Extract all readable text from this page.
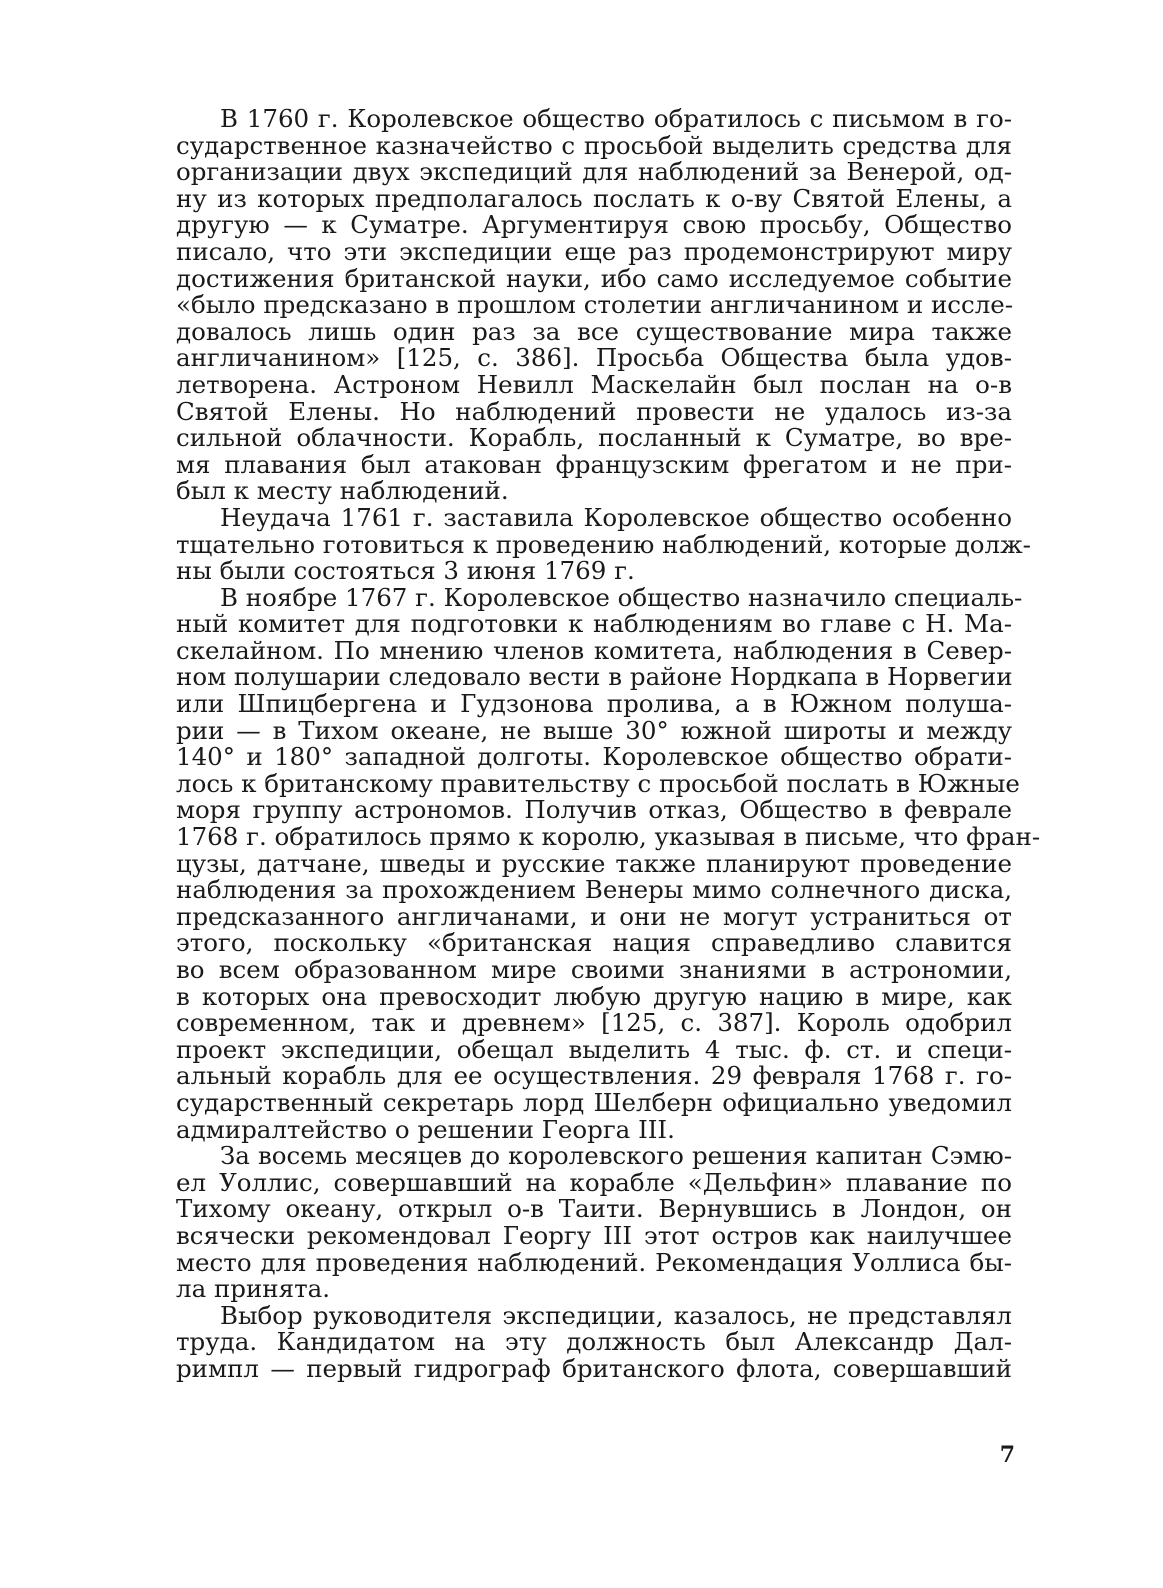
В 1760 г. Королевское общество обратилось с письмом в го-
сударственное казначейство с просьбой выделить средства для
организации двух экспедиций для наблюдений за Венерой, од-
ну из которых предполагалось послать к о-ву Святой Елены, а
другую — к Суматре. Аргументируя свою просьбу, Общество
писало, что эти экспедиции еще раз продемонстрируют миру
достижения британской науки, ибо само исследуемое событие
«было предсказано в прошлом столетии англичанином и иссле-
довалось лишь один раз за все существование мира также
англичанином» [125, с. 386]. Просьба Общества была удов-
летворена. Астроном Невилл Маскелайн был послан на о-в
Святой Елены. Но наблюдений провести не удалось из-за
сильной облачности. Корабль, посланный к Суматре, во вре-
мя плавания был атакован французским фрегатом и не при-
был к месту наблюдений.
Неудача 1761 г. заставила Королевское общество особенно
тщательно готовиться к проведению наблюдений, которые долж-
ны были состояться 3 июня 1769 г.
В ноябре 1767 г. Королевское общество назначило специаль-
ный комитет для подготовки к наблюдениям во главе с Н. Ма-
скелайном. По мнению членов комитета, наблюдения в Север-
ном полушарии следовало вести в районе Нордкапа в Норвегии
или Шпицбергена и Гудзонова пролива, а в Южном полуша-
рии — в Тихом океане, не выше 30° южной широты и между
140° и 180° западной долготы. Королевское общество обрати-
лось к британскому правительству с просьбой послать в Южные
моря группу астрономов. Получив отказ, Общество в феврале
1768 г. обратилось прямо к королю, указывая в письме, что фран-
цузы, датчане, шведы и русские также планируют проведение
наблюдения за прохождением Венеры мимо солнечного диска,
предсказанного англичанами, и они не могут устраниться от
этого, поскольку «британская нация справедливо славится
во всем образованном мире своими знаниями в астрономии,
в которых она превосходит любую другую нацию в мире, как
современном, так и древнем» [125, с. 387]. Король одобрил
проект экспедиции, обещал выделить 4 тыс. ф. ст. и специ-
альный корабль для ее осуществления. 29 февраля 1768 г. го-
сударственный секретарь лорд Шелберн официально уведомил
адмиралтейство о решении Георга III.
За восемь месяцев до королевского решения капитан Сэмю-
ел Уоллис, совершавший на корабле «Дельфин» плавание по
Тихому океану, открыл о-в Таити. Вернувшись в Лондон, он
всячески рекомендовал Георгу III этот остров как наилучшее
место для проведения наблюдений. Рекомендация Уоллиса бы-
ла принята.
Выбор руководителя экспедиции, казалось, не представлял
труда. Кандидатом на эту должность был Александр Дал-
римпл — первый гидрограф британского флота, совершавший
7
